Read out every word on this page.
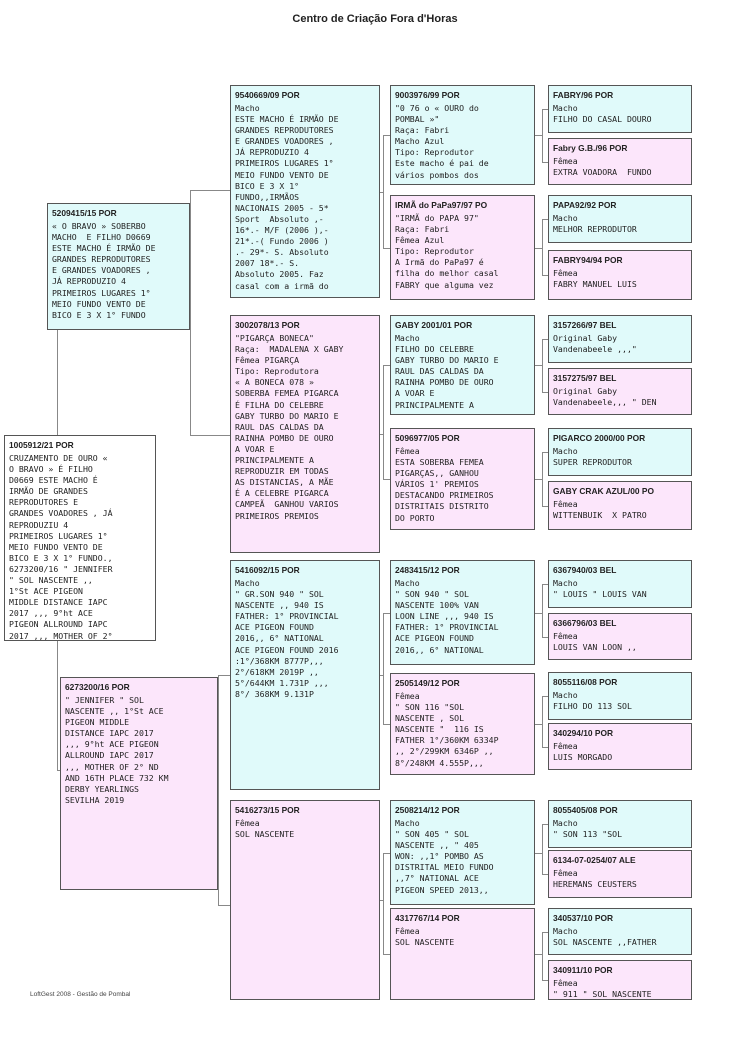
Centro de Criação Fora d'Horas
1005912/21 POR
CRUZAMENTO DE OURO «
O BRAVO » É FILHO
D0669 ESTE MACHO É
IRMÃO DE GRANDES
REPRODUTORES E
GRANDES VOADORES , JÁ
REPRODUZIU 4
PRIMEIROS LUGARES 1°
MEIO FUNDO VENTO DE
BICO E 3 X 1° FUNDO.,
6273200/16 " JENNIFER
" SOL NASCENTE ,,
1°St ACE PIGEON
MIDDLE DISTANCE IAPC
2017 ,,, 9°ht ACE
PIGEON ALLROUND IAPC
2017 ,,, MOTHER OF 2°
5209415/15 POR
« O BRAVO » SOBERBO
MACHO  E FILHO D0669
ESTE MACHO É IRMÃO DE
GRANDES REPRODUTORES
E GRANDES VOADORES ,
JÁ REPRODUZIO 4
PRIMEIROS LUGARES 1°
MEIO FUNDO VENTO DE
BICO E 3 X 1° FUNDO
6273200/16 POR
" JENNIFER " SOL
NASCENTE ,, 1°St ACE
PIGEON MIDDLE
DISTANCE IAPC 2017
,,, 9°ht ACE PIGEON
ALLROUND IAPC 2017
,,, MOTHER OF 2° ND
AND 16TH PLACE 732 KM
DERBY YEARLINGS
SEVILHA 2019
9540669/09 POR
Macho
ESTE MACHO É IRMÃO DE
GRANDES REPRODUTORES
E GRANDES VOADORES ,
JÁ REPRODUZIO 4
PRIMEIROS LUGARES 1°
MEIO FUNDO VENTO DE
BICO E 3 X 1°
FUNDO,,IRMÃOS
NACIONAIS 2005 - 5*
Sport  Absoluto ,-
16*.- M/F (2006 ),-
21*.-( Fundo 2006 )
.- 29*- S. Absoluto
2007 18*.- S.
Absoluto 2005. Faz
casal com a irmã do
3002078/13 POR
"PIGARÇA BONECA"
Raça:  MADALENA X GABY
Fêmea PIGARÇA
Tipo: Reprodutora
« A BONECA 078 »
SOBERBA FEMEA PIGARCA
É FILHA DO CELEBRE
GABY TURBO DO MARIO E
RAUL DAS CALDAS DA
RAINHA POMBO DE OURO
A VOAR E
PRINCIPALMENTE A
REPRODUZIR EM TODAS
AS DISTANCIAS, A MÃE
É A CELEBRE PIGARCA
CAMPEÃ  GANHOU VARIOS
PRIMEIROS PREMIOS
5416092/15 POR
Macho
" GR.SON 940 " SOL
NASCENTE ,, 940 IS
FATHER: 1° PROVINCIAL
ACE PIGEON FOUND
2016,, 6° NATIONAL
ACE PIGEON FOUND 2016
:1°/368KM 8777P,,,
2°/618KM 2019P ,,
5°/644KM 1.731P ,,,
8°/ 368KM 9.131P
5416273/15 POR
Fêmea
SOL NASCENTE
9003976/99 POR
"0 76 o « OURO do
POMBAL »"
Raça: Fabri
Macho Azul
Tipo: Reprodutor
Este macho é pai de
vários pombos dos
IRMÃ do PaPa97/97 PO
"IRMÃ do PAPA 97"
Raça: Fabri
Fêmea Azul
Tipo: Reprodutor
A Irmã do PaPa97 é
filha do melhor casal
FABRY que alguma vez
GABY 2001/01 POR
Macho
FILHO DO CELEBRE
GABY TURBO DO MARIO E
RAUL DAS CALDAS DA
RAINHA POMBO DE OURO
A VOAR E
PRINCIPALMENTE A
5096977/05 POR
Fêmea
ESTA SOBERBA FEMEA
PIGARÇAS,, GANHOU
VÁRIOS 1' PREMIOS
DESTACANDO PRIMEIROS
DISTRITAIS DISTRITO
DO PORTO
2483415/12 POR
Macho
" SON 940 " SOL
NASCENTE 100% VAN
LOON LINE ,,, 940 IS
FATHER: 1° PROVINCIAL
ACE PIGEON FOUND
2016,, 6° NATIONAL
2505149/12 POR
Fêmea
" SON 116 "SOL
NASCENTE , SOL
NASCENTE "  116 IS
FATHER 1°/360KM 6334P
,, 2°/299KM 6346P ,,
8°/248KM 4.555P,,,
2508214/12 POR
Macho
" SON 405 " SOL
NASCENTE ,, " 405
WON: ,,1° POMBO AS
DISTRITAL MEIO FUNDO
,,7° NATIONAL ACE
PIGEON SPEED 2013,,
4317767/14 POR
Fêmea
SOL NASCENTE
FABRY/96 POR
Macho
FILHO DO CASAL DOURO
Fabry G.B./96 POR
Fêmea
EXTRA VOADORA  FUNDO
PAPA92/92 POR
Macho
MELHOR REPRODUTOR
FABRY94/94 POR
Fêmea
FABRY MANUEL LUIS
3157266/97 BEL
Original Gaby
Vandenabeele ,,,"
3157275/97 BEL
Original Gaby
Vandenabeele,,, " DEN
PIGARCO 2000/00 POR
Macho
SUPER REPRODUTOR
GABY CRAK AZUL/00 PO
Fêmea
WITTENBUIK  X PATRO
6367940/03 BEL
Macho
" LOUIS " LOUIS VAN
6366796/03 BEL
Fêmea
LOUIS VAN LOON ,,
8055116/08 POR
Macho
FILHO DO 113 SOL
340294/10 POR
Fêmea
LUIS MORGADO
8055405/08 POR
Macho
" SON 113 "SOL
6134-07-0254/07 ALE
Fêmea
HEREMANS CEUSTERS
340537/10 POR
Macho
SOL NASCENTE ,,FATHER
340911/10 POR
Fêmea
" 911 " SOL NASCENTE
LoftGest 2008 - Gestão de Pombal
